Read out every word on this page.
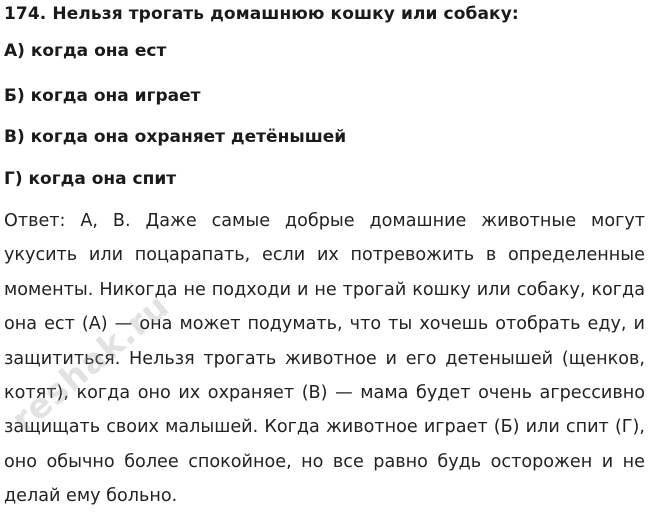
174. Нельзя трогать домашнюю кошку или собаку:
А) когда она ест
Б) когда она играет
В) когда она охраняет детёнышей
Г) когда она спит
Ответ: А, В. Даже самые добрые домашние животные могут укусить или поцарапать, если их потревожить в определенные моменты. Никогда не подходи и не трогай кошку или собаку, когда она ест (А) — она может подумать, что ты хочешь отобрать еду, и защититься. Нельзя трогать животное и его детенышей (щенков, котят), когда оно их охраняет (В) — мама будет очень агрессивно защищать своих малышей. Когда животное играет (Б) или спит (Г), оно обычно более спокойное, но все равно будь осторожен и не делай ему больно.
reshak.ru
